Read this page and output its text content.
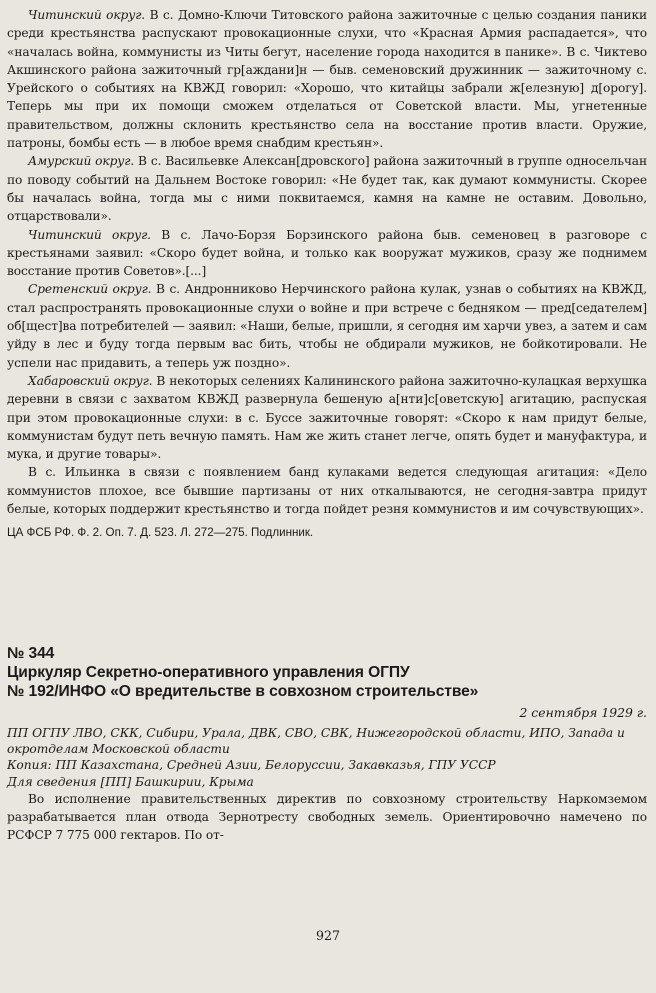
Читинский округ. В с. Домно-Ключи Титовского района зажиточные с целью создания паники среди крестьянства распускают провокационные слухи, что «Красная Армия распадается», что «началась война, коммунисты из Читы бегут, население города находится в панике». В с. Чиктево Акшинского района зажиточный гр[аждани]н — быв. семеновский дружинник — зажиточному с. Урейского о событиях на КВЖД говорил: «Хорошо, что китайцы забрали ж[елезную] д[орогу]. Теперь мы при их помощи сможем отделаться от Советской власти. Мы, угнетенные правительством, должны склонить крестьянство села на восстание против власти. Оружие, патроны, бомбы есть — в любое время снабдим крестьян».

Амурский округ. В с. Васильевке Алексан[дровского] района зажиточный в группе односельчан по поводу событий на Дальнем Востоке говорил: «Не будет так, как думают коммунисты. Скорее бы началась война, тогда мы с ними поквитаемся, камня на камне не оставим. Довольно, отцарствовали».

Читинский округ. В с. Лачо-Борзя Борзинского района быв. семеновец в разговоре с крестьянами заявил: «Скоро будет война, и только как вооружат мужиков, сразу же поднимем восстание против Советов».[...]

Сретенский округ. В с. Андронниково Нерчинского района кулак, узнав о событиях на КВЖД, стал распространять провокационные слухи о войне и при встрече с бедняком — пред[седателем] об[щест]ва потребителей — заявил: «Наши, белые, пришли, я сегодня им харчи увез, а затем и сам уйду в лес и буду тогда первым вас бить, чтобы не обдирали мужиков, не бойкотировали. Не успели нас придавить, а теперь уж поздно».

Хабаровский округ. В некоторых селениях Калининского района зажиточно-кулацкая верхушка деревни в связи с захватом КВЖД развернула бешеную а[нти]с[оветскую] агитацию, распуская при этом провокационные слухи: в с. Бусcе зажиточные говорят: «Скоро к нам придут белые, коммунистам будут петь вечную память. Нам же жить станет легче, опять будет и мануфактура, и мука, и другие товары».

В с. Ильинка в связи с появлением банд кулаками ведется следующая агитация: «Дело коммунистов плохое, все бывшие партизаны от них откалываются, не сегодня-завтра придут белые, которых поддержит крестьянство и тогда пойдет резня коммунистов и им сочувствующих».

ЦА ФСБ РФ. Ф. 2. Оп. 7. Д. 523. Л. 272—275. Подлинник.

№ 344

Циркуляр Секретно-оперативного управления ОГПУ

№ 192/ИНФО «О вредительстве в совхозном строительстве»

2 сентября 1929 г.

ПП ОГПУ ЛВО, СКК, Сибири, Урала, ДВК, СВО, СВК, Нижегородской области, ИПО, Запада и окротделам Московской области

Копия: ПП Казахстана, Средней Азии, Белоруссии, Закавказья, ГПУ УССР

Для сведения [ПП] Башкирии, Крыма

Во исполнение правительственных директив по совхозному строительству Наркомземом разрабатывается план отвода Зернотресту свободных земель. Ориентировочно намечено по РСФСР 7 775 000 гектаров. По от-

927
